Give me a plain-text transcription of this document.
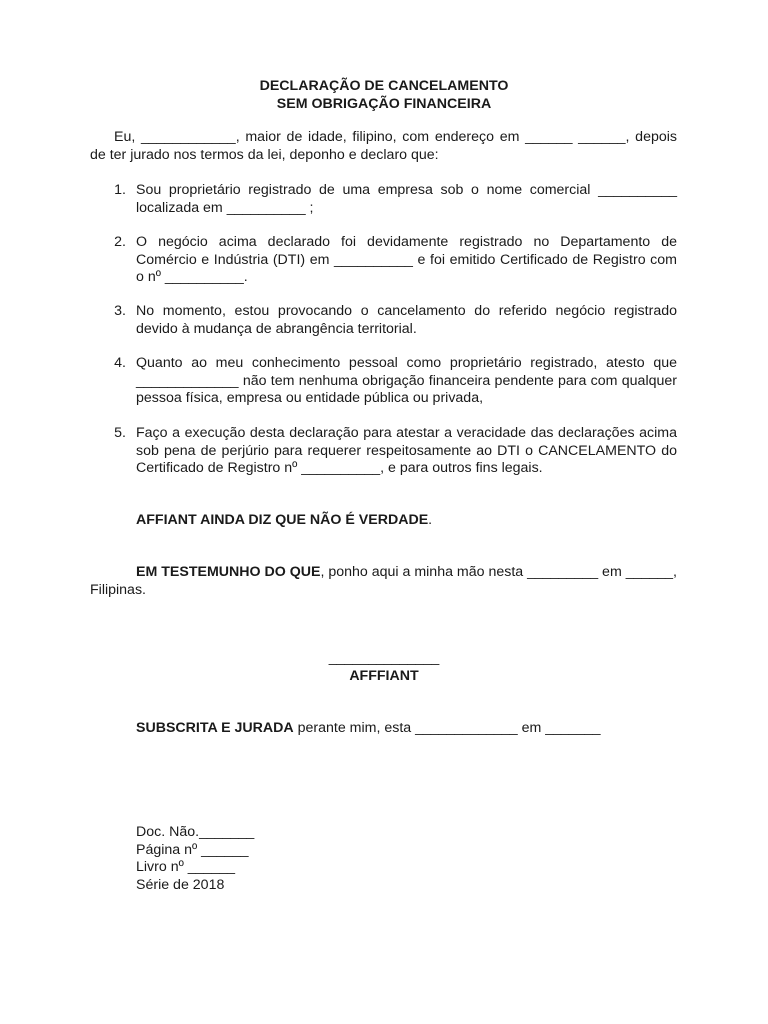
DECLARAÇÃO DE CANCELAMENTO
SEM OBRIGAÇÃO FINANCEIRA
Eu, ____________, maior de idade, filipino, com endereço em ______ ______, depois de ter jurado nos termos da lei, deponho e declaro que:
1. Sou proprietário registrado de uma empresa sob o nome comercial __________ localizada em __________ ;
2. O negócio acima declarado foi devidamente registrado no Departamento de Comércio e Indústria (DTI) em __________ e foi emitido Certificado de Registro com o nº __________.
3. No momento, estou provocando o cancelamento do referido negócio registrado devido à mudança de abrangência territorial.
4. Quanto ao meu conhecimento pessoal como proprietário registrado, atesto que _____________ não tem nenhuma obrigação financeira pendente para com qualquer pessoa física, empresa ou entidade pública ou privada,
5. Faço a execução desta declaração para atestar a veracidade das declarações acima sob pena de perjúrio para requerer respeitosamente ao DTI o CANCELAMENTO do Certificado de Registro nº __________, e para outros fins legais.
AFFIANT AINDA DIZ QUE NÃO É VERDADE.
EM TESTEMUNHO DO QUE, ponho aqui a minha mão nesta _________ em ______, Filipinas.
______________
AFFFIANT
SUBSCRITA E JURADA perante mim, esta _____________ em _______
Doc. Não._______
Página nº ______
Livro nº ______
Série de 2018
